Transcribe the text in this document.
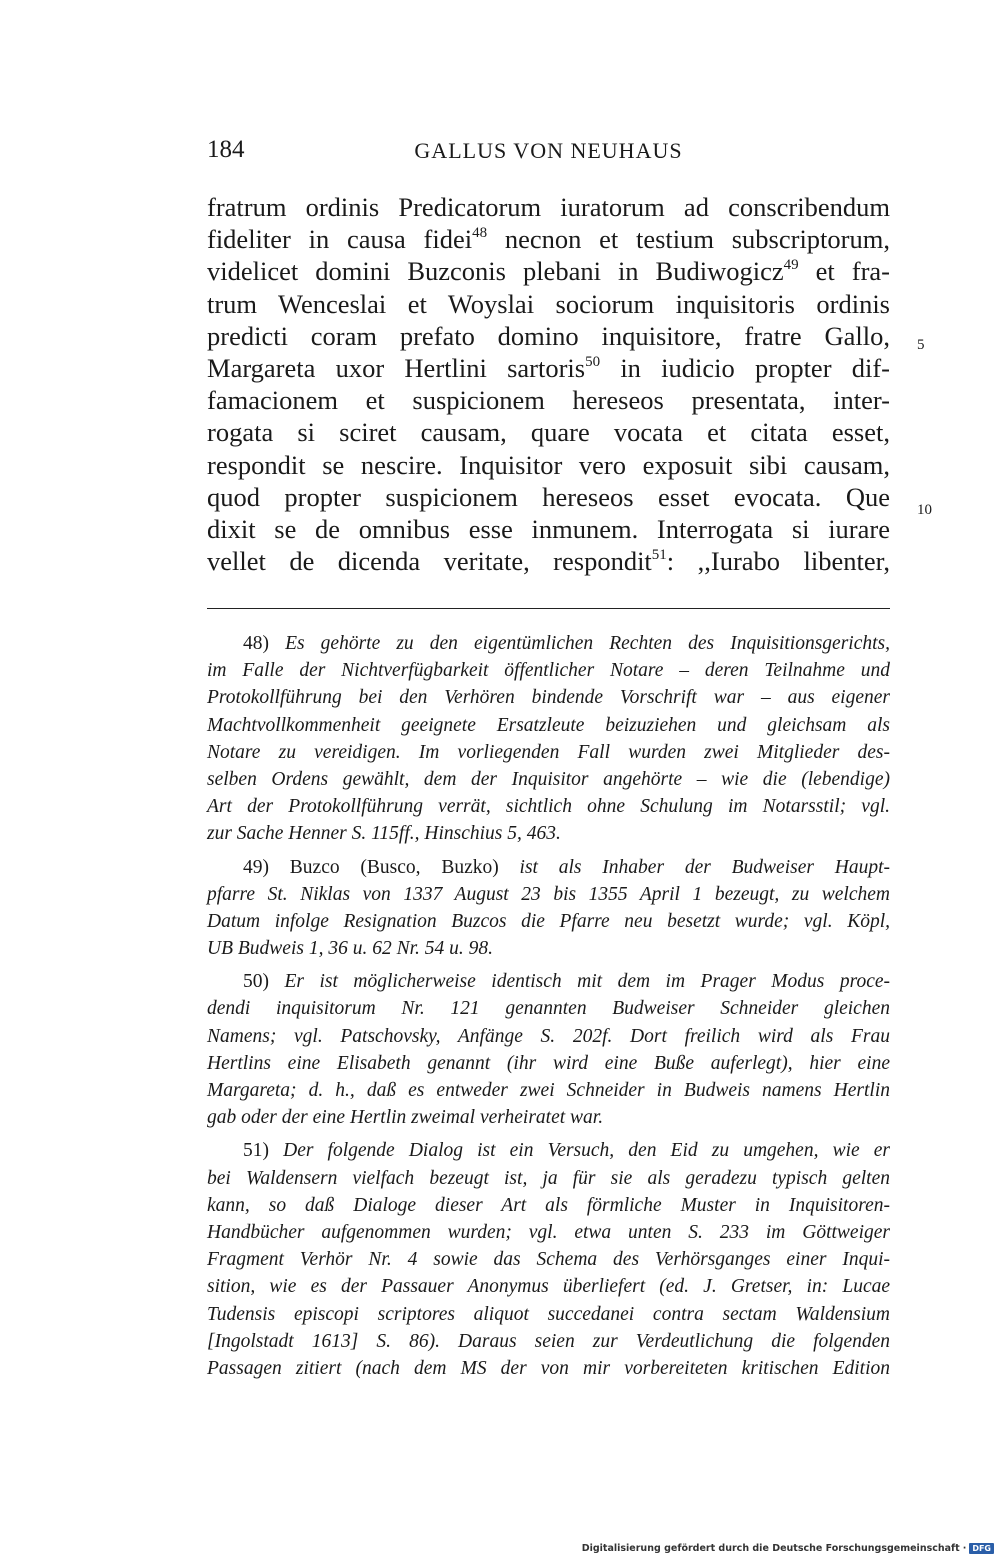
184	GALLUS VON NEUHAUS
fratrum ordinis Predicatorum iuratorum ad conscribendum
fideliter in causa fidei$^{48}$ necnon et testium subscriptorum,
videlicet domini Buzconis plebani in Budiwogicz$^{49}$ et fra-
trum Wenceslai et Woyslai sociorum inquisitoris ordinis
predicti coram prefato domino inquisitore, fratre Gallo,
Margareta uxor Hertlini sartoris$^{50}$ in iudicio propter dif-
famacionem et suspicionem hereseos presentata, inter-
rogata si sciret causam, quare vocata et citata esset,
respondit se nescire. Inquisitor vero exposuit sibi causam,
quod propter suspicionem hereseos esset evocata. Que
dixit se de omnibus esse inmunem. Interrogata si iurare
vellet de dicenda veritate, respondit$^{51}$: ,,Iurabo libenter,
5
10
48) Es gehörte zu den eigentümlichen Rechten des Inquisitionsgerichts,
im Falle der Nichtverfügbarkeit öffentlicher Notare – deren Teilnahme und
Protokollführung bei den Verhören bindende Vorschrift war – aus eigener
Machtvollkommenheit geeignete Ersatzleute beizuziehen und gleichsam als
Notare zu vereidigen. Im vorliegenden Fall wurden zwei Mitglieder des-
selben Ordens gewählt, dem der Inquisitor angehörte – wie die (lebendige)
Art der Protokollführung verrät, sichtlich ohne Schulung im Notarsstil; vgl.
zur Sache Henner S. 115ff., Hinschius 5, 463.
49) Buzco (Busco, Buzko) ist als Inhaber der Budweiser Haupt-
pfarre St. Niklas von 1337 August 23 bis 1355 April 1 bezeugt, zu welchem
Datum infolge Resignation Buzcos die Pfarre neu besetzt wurde; vgl. Köpl,
UB Budweis 1, 36 u. 62 Nr. 54 u. 98.
50) Er ist möglicherweise identisch mit dem im Prager Modus proce-
dendi inquisitorum Nr. 121 genannten Budweiser Schneider gleichen
Namens; vgl. Patschovsky, Anfänge S. 202f. Dort freilich wird als Frau
Hertlins eine Elisabeth genannt (ihr wird eine Buße auferlegt), hier eine
Margareta; d. h., daß es entweder zwei Schneider in Budweis namens Hertlin
gab oder der eine Hertlin zweimal verheiratet war.
51) Der folgende Dialog ist ein Versuch, den Eid zu umgehen, wie er
bei Waldensern vielfach bezeugt ist, ja für sie als geradezu typisch gelten
kann, so daß Dialoge dieser Art als förmliche Muster in Inquisitoren-
Handbücher aufgenommen wurden; vgl. etwa unten S. 233 im Göttweiger
Fragment Verhör Nr. 4 sowie das Schema des Verhörsganges einer Inqui-
sition, wie es der Passauer Anonymus überliefert (ed. J. Gretser, in: Lucae
Tudensis episcopi scriptores aliquot succedanei contra sectam Waldensium
[Ingolstadt 1613] S. 86). Daraus seien zur Verdeutlichung die folgenden
Passagen zitiert (nach dem MS der von mir vorbereiteten kritischen Edition
Digitalisierung gefördert durch die Deutsche Forschungsgemeinschaft · DFG
